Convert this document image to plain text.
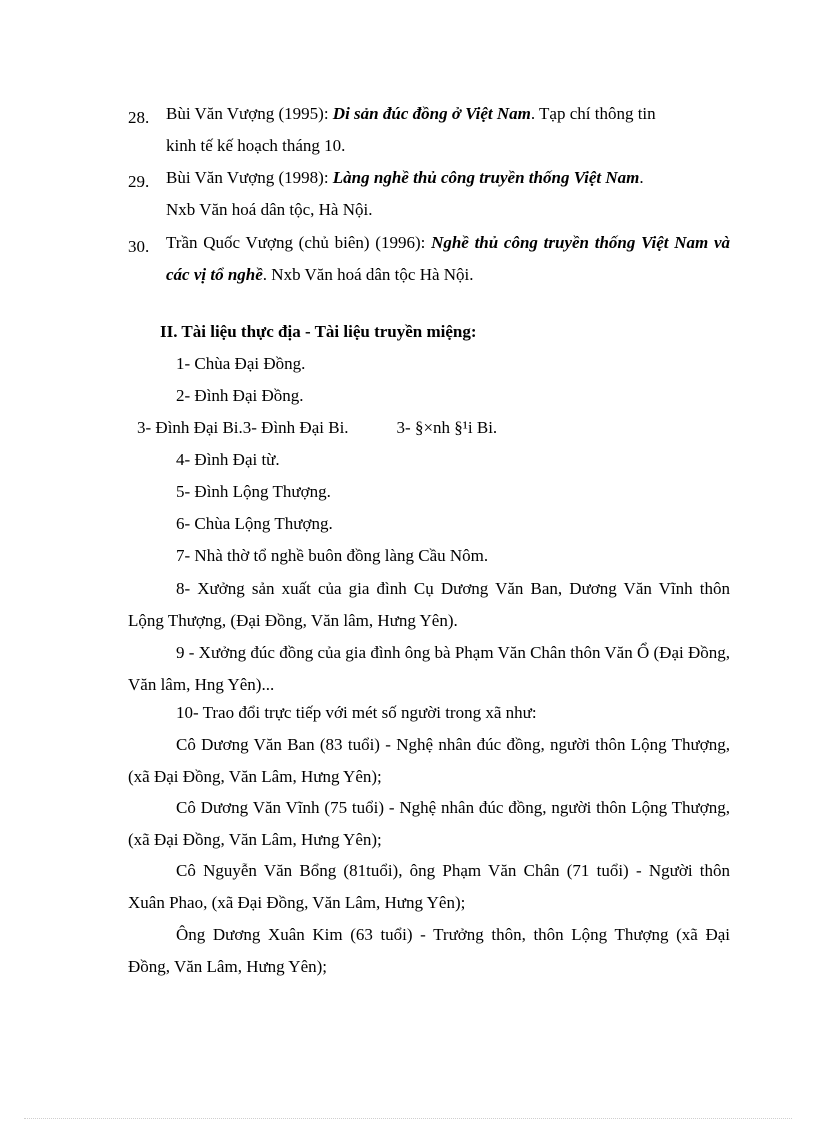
28. Bùi Văn Vượng (1995): Di sản đúc đồng ở Việt Nam. Tạp chí thông tin
kinh tế kế hoạch tháng 10.
29. Bùi Văn Vượng (1998): Làng nghề thủ công truyền thống Việt Nam.
Nxb Văn hoá dân tộc, Hà Nội.
30. Trần Quốc Vượng (chủ biên) (1996): Nghề thủ công truyền thống Việt Nam và các vị tổ nghề. Nxb Văn hoá dân tộc Hà Nội.
II. Tài liệu thực địa - Tài liệu truyền miệng:
1- Chùa Đại Đồng.
2- Đình Đại Đồng.
3- Đình Đại Bi.3- Đình Đại Bi.	3- §×nh §¹i Bi.
4- Đình Đại từ.
5- Đình Lộng Thượng.
6- Chùa Lộng Thượng.
7- Nhà thờ tổ nghề buôn đồng làng Cầu Nôm.
8- Xưởng sản xuất của gia đình Cụ Dương Văn Ban, Dương Văn Vĩnh thôn Lộng Thượng, (Đại Đồng, Văn lâm, Hưng Yên).
9 - Xưởng đúc đồng của gia đình ông bà Phạm Văn Chân thôn Văn Ổ (Đại Đồng, Văn lâm, Hng Yên)...
10- Trao đổi trực tiếp với mét số người trong xã như:
Cô Dương Văn Ban (83 tuổi) - Nghệ nhân đúc đồng, người thôn Lộng Thượng, (xã Đại Đồng, Văn Lâm, Hưng Yên);
Cô Dương Văn Vĩnh (75 tuổi) - Nghệ nhân đúc đồng, người thôn Lộng Thượng, (xã Đại Đồng, Văn Lâm, Hưng Yên);
Cô Nguyễn Văn Bổng (81tuổi), ông Phạm Văn Chân (71 tuổi) - Người thôn Xuân Phao, (xã Đại Đồng, Văn Lâm, Hưng Yên);
Ông Dương Xuân Kim (63 tuổi) - Trưởng thôn, thôn Lộng Thượng (xã Đại Đồng, Văn Lâm, Hưng Yên);
